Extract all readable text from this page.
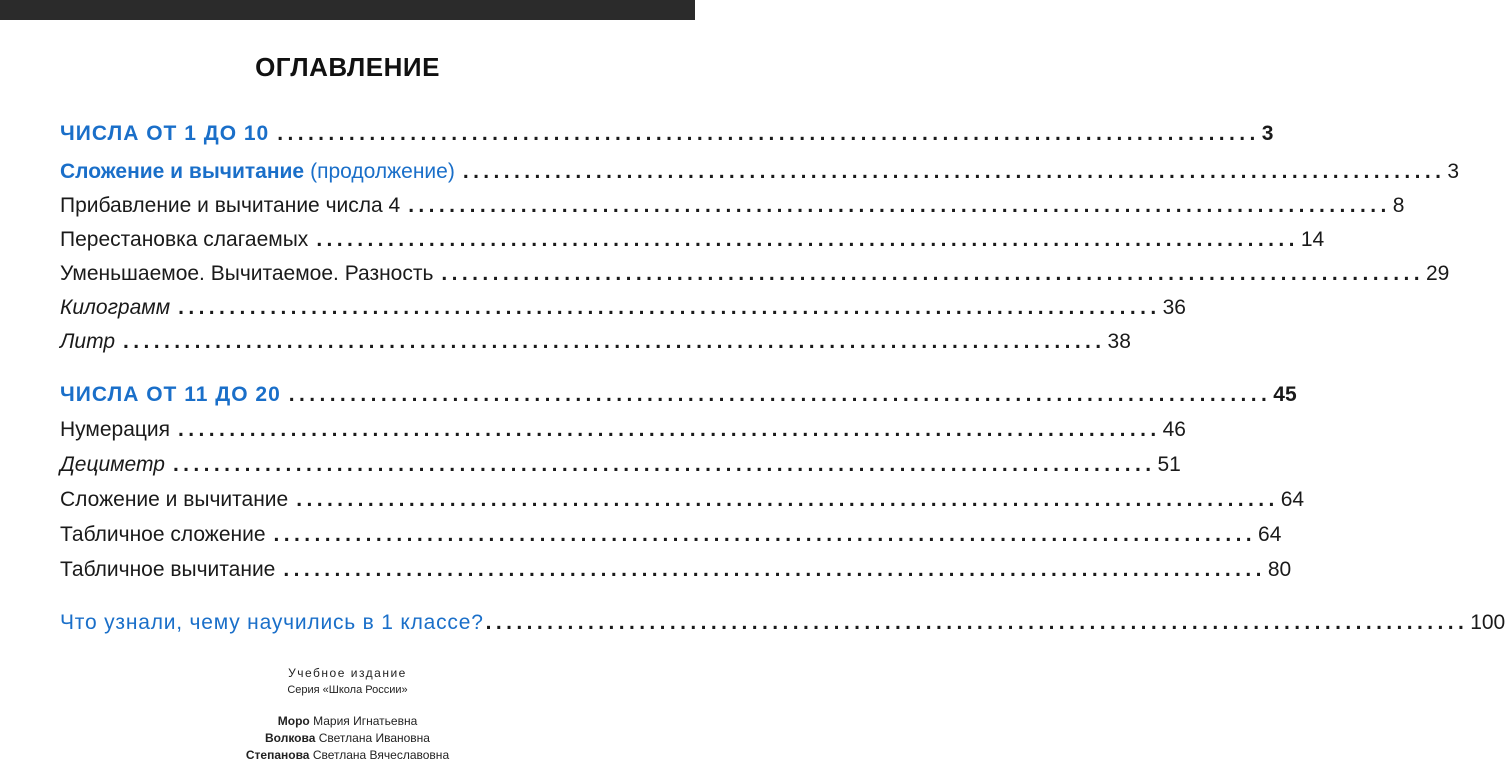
ОГЛАВЛЕНИЕ
ЧИСЛА ОТ 1 ДО 10 ................................................................................................ 3
Сложение и вычитание (продолжение) ................................................................................................ 3
Прибавление и вычитание числа 4 ................................................................................................ 8
Перестановка слагаемых ................................................................................................ 14
Уменьшаемое. Вычитаемое. Разность ................................................................................................ 29
Килограмм ................................................................................................ 36
Литр ................................................................................................ 38
ЧИСЛА ОТ 11 ДО 20 ................................................................................................ 45
Нумерация ................................................................................................ 46
Дециметр ................................................................................................ 51
Сложение и вычитание ................................................................................................ 64
Табличное сложение ................................................................................................ 64
Табличное вычитание ................................................................................................ 80
Что узнали, чему научились в 1 классе? ................................................................................................ 100
Учебное издание
Серия «Школа России»
Моро Мария Игнатьевна
Волкова Светлана Ивановна
Степанова Светлана Вячеславовна
